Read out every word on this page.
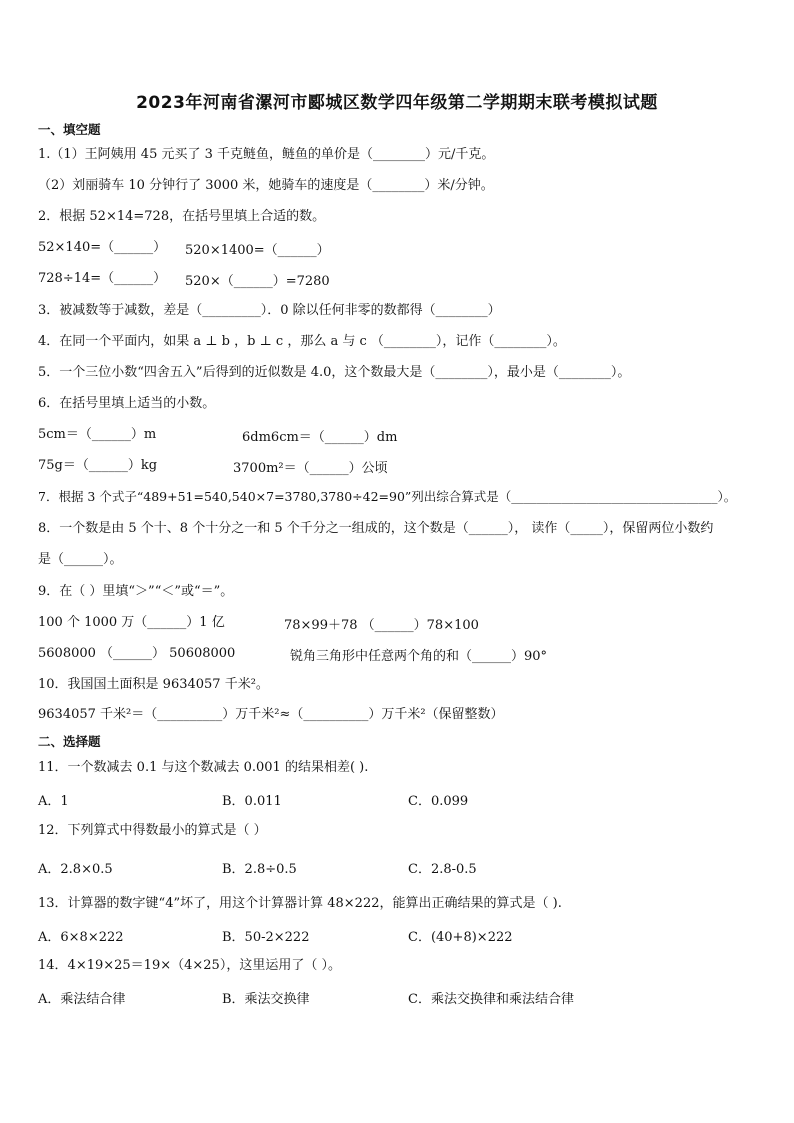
2023年河南省漯河市郾城区数学四年级第二学期期末联考模拟试题
一、填空题
1.（1）王阿姨用 45 元买了 3 千克鲢鱼，鲢鱼的单价是（________）元/千克。
（2）刘丽骑车 10 分钟行了 3000 米，她骑车的速度是（________）米/分钟。
2．根据 52×14=728，在括号里填上合适的数。
52×140=（______） 520×1400=（______）
728÷14=（______） 520×（______）=7280
3．被减数等于减数，差是（_________）．0 除以任何非零的数都得（________）
4．在同一个平面内，如果 a ⊥ b ，b ⊥ c ，那么 a 与 c （________），记作（________）。
5．一个三位小数“四舍五入”后得到的近似数是 4.0，这个数最大是（________），最小是（________）。
6．在括号里填上适当的小数。
5cm＝（______）m	6dm6cm＝（______）dm
75g＝（______）kg	3700m²＝（______）公顷
7．根据 3 个式子“489+51=540,540×7=3780,3780÷42=90”列出综合算式是（_________________________________）。
8．一个数是由 5 个十、8 个十分之一和 5 个千分之一组成的，这个数是（______）， 读作（_____），保留两位小数约
是（______）。
9．在（ ）里填“＞”“＜”或“＝”。
100 个 1000 万（______）1 亿	78×99＋78 （______）78×100
5608000 （______） 50608000	锐角三角形中任意两个角的和（______）90°
10．我国国土面积是 9634057 千米²。
9634057 千米²＝（__________）万千米²≈（__________）万千米²（保留整数）
二、选择题
11．一个数减去 0.1 与这个数减去 0.001 的结果相差( ).
A．1	B．0.011	C．0.099
12．下列算式中得数最小的算式是（ ）
A．2.8×0.5	B．2.8÷0.5	C．2.8-0.5
13．计算器的数字键“4”坏了，用这个计算器计算 48×222，能算出正确结果的算式是（ ).
A．6×8×222	B．50-2×222	C．(40+8)×222
14．4×19×25＝19×（4×25），这里运用了（ ）。
A．乘法结合律	B．乘法交换律	C．乘法交换律和乘法结合律
